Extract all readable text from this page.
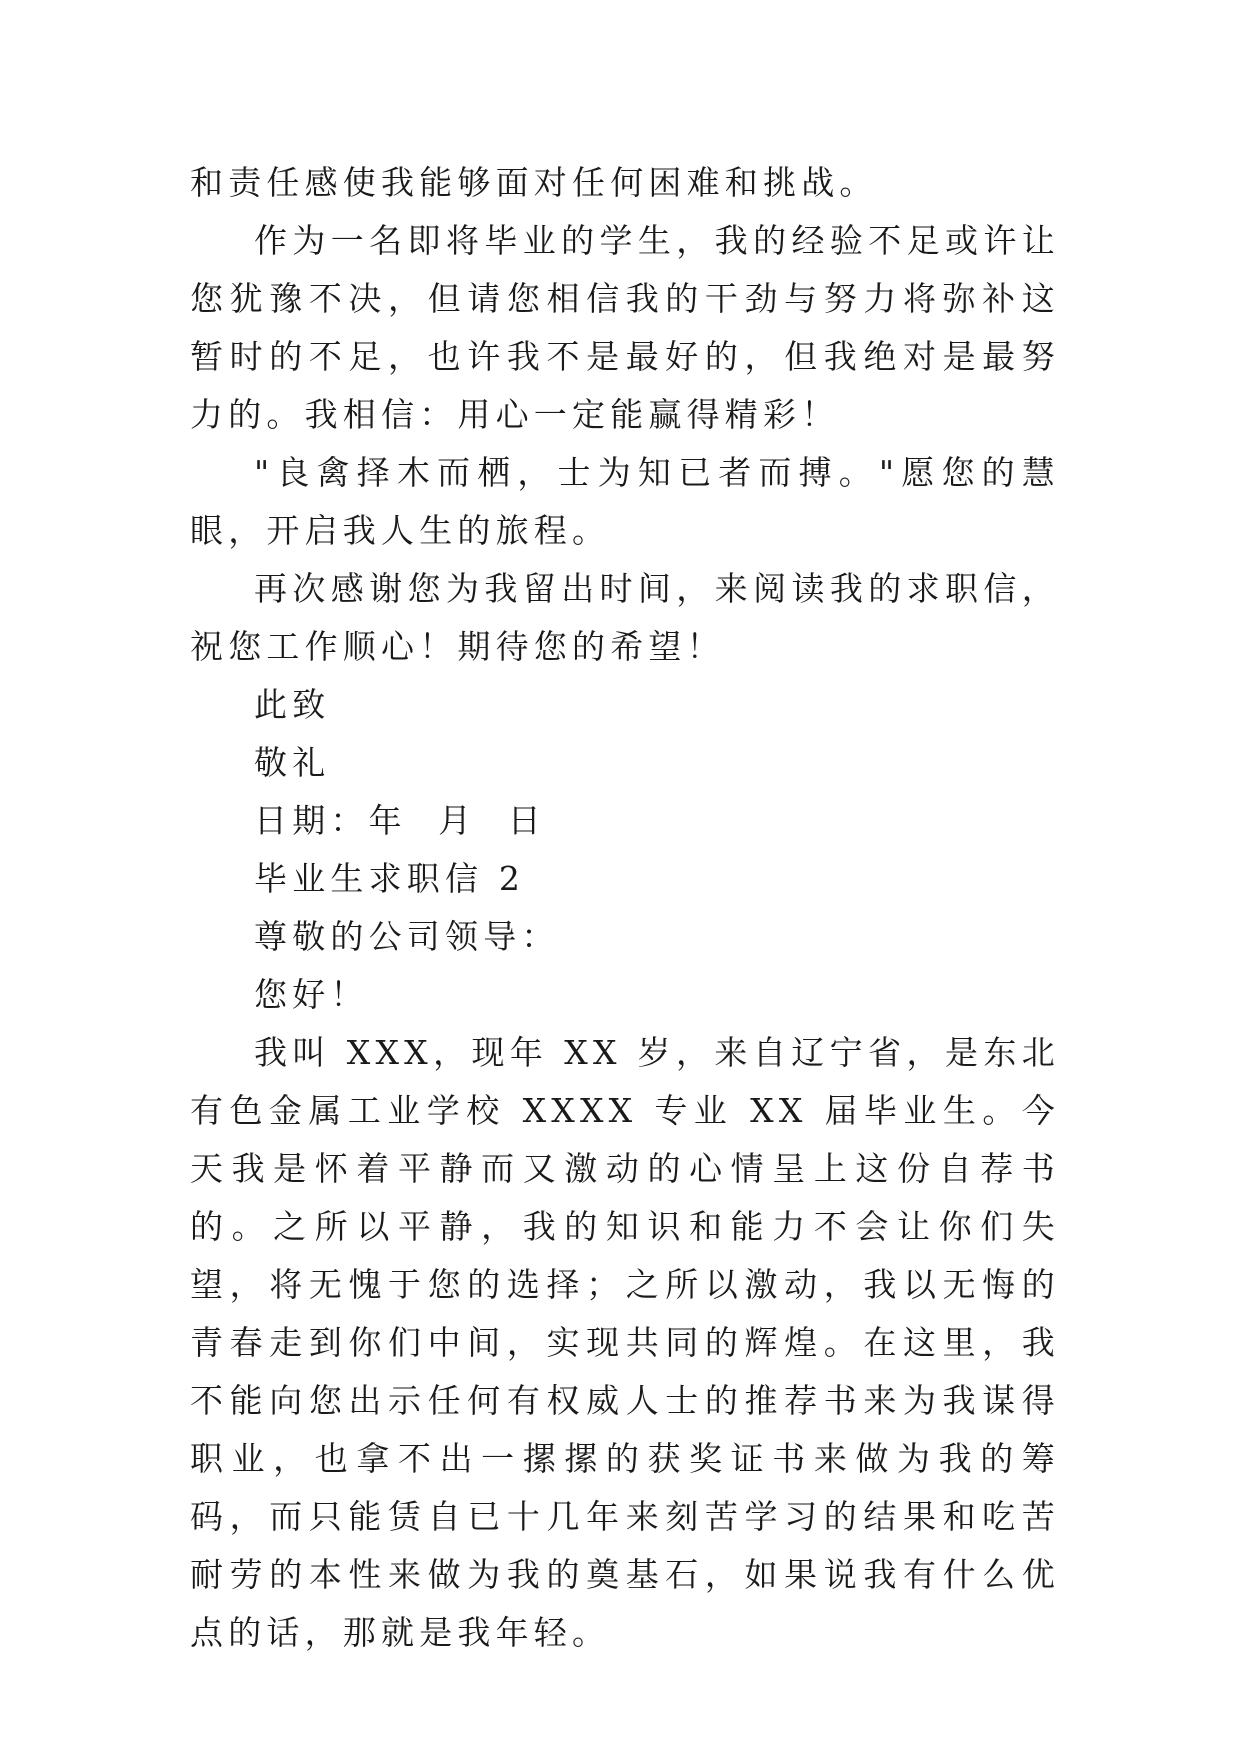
和责任感使我能够面对任何困难和挑战。

作为一名即将毕业的学生，我的经验不足或许让您犹豫不决，但请您相信我的干劲与努力将弥补这暂时的不足，也许我不是最好的，但我绝对是最努力的。我相信：用心一定能赢得精彩！

"良禽择木而栖，士为知已者而搏。"愿您的慧眼，开启我人生的旅程。

再次感谢您为我留出时间，来阅读我的求职信，祝您工作顺心！期待您的希望！

此致

敬礼

日期：年  月  日

毕业生求职信 2

尊敬的公司领导：

您好！

我叫 XXX，现年 XX 岁，来自辽宁省，是东北有色金属工业学校 XXXX 专业 XX 届毕业生。今天我是怀着平静而又激动的心情呈上这份自荐书的。之所以平静，我的知识和能力不会让你们失望，将无愧于您的选择；之所以激动，我以无悔的青春走到你们中间，实现共同的辉煌。在这里，我不能向您出示任何有权威人士的推荐书来为我谋得职业，也拿不出一摞摞的获奖证书来做为我的筹码，而只能赁自已十几年来刻苦学习的结果和吃苦耐劳的本性来做为我的奠基石，如果说我有什么优点的话，那就是我年轻。
